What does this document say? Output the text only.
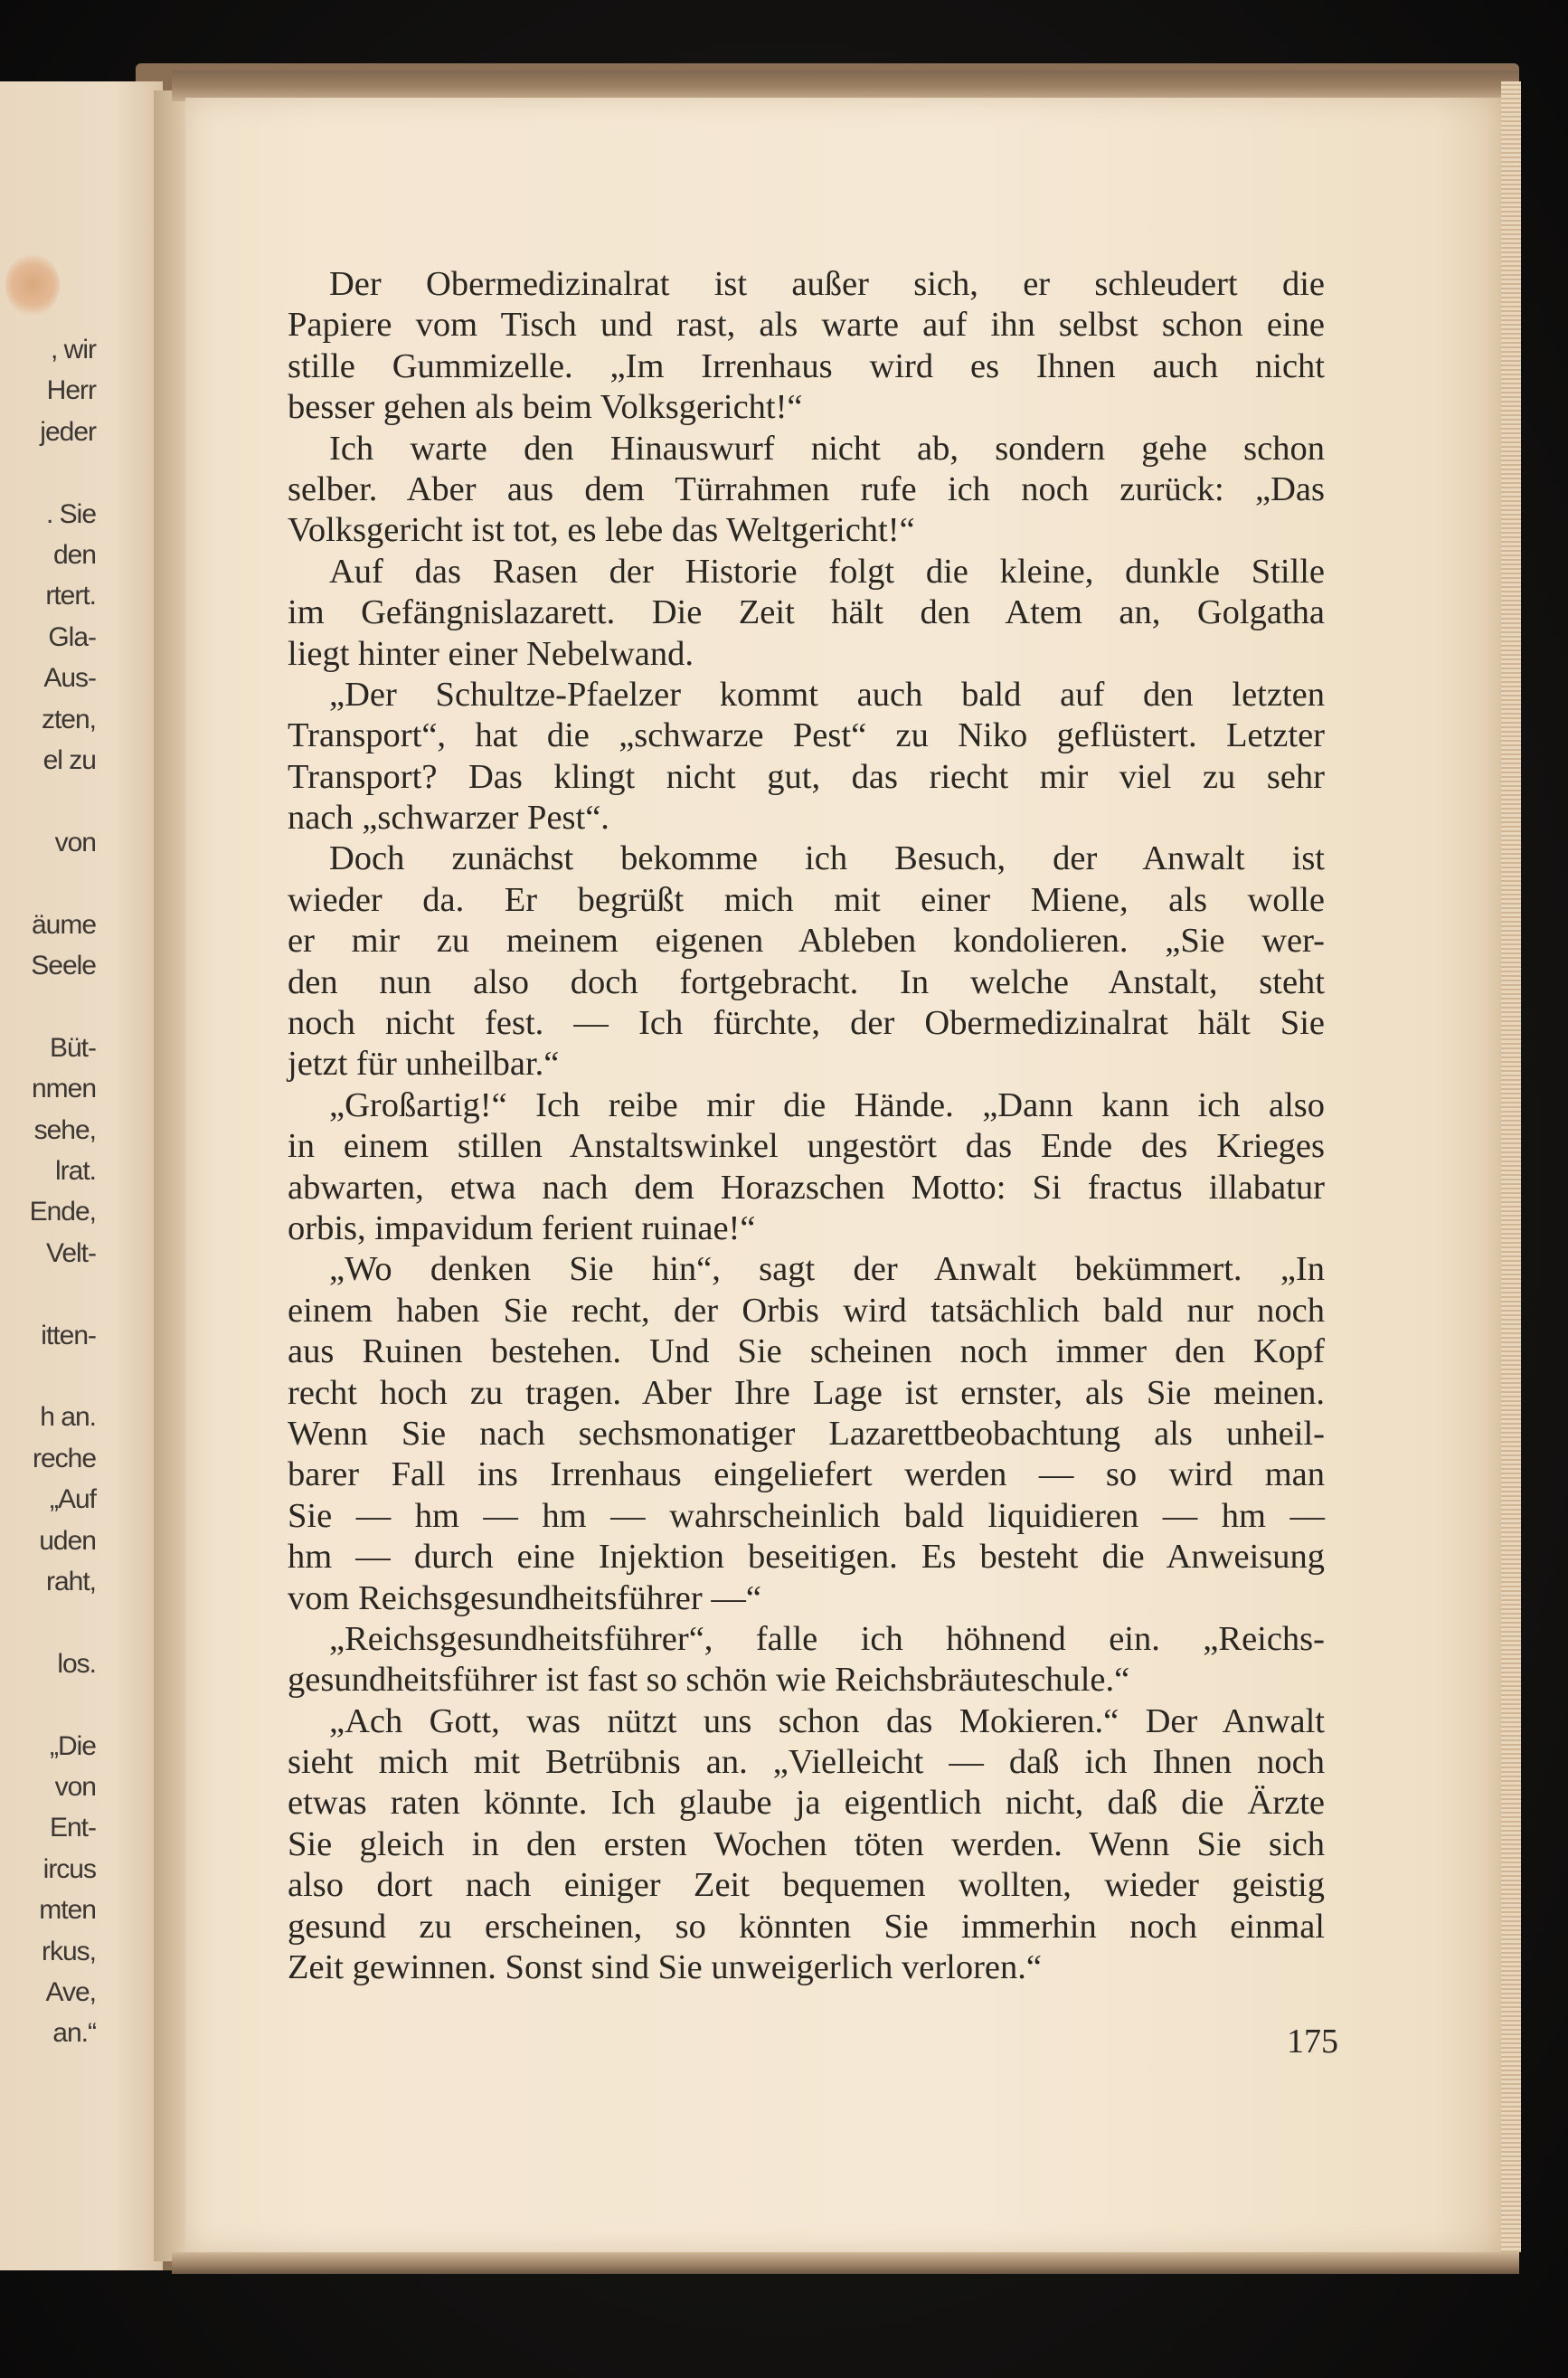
, wir
Herr
jeder
. Sie
den
rtert.
Gla-
Aus-
zten,
el zu
von
äume
Seele
Büt-
nmen
sehe,
lrat.
Ende,
Velt-
itten-
h an.
reche
„Auf
uden
raht,
los.
„Die
von
Ent-
ircus
mten
rkus,
Ave,
an.“
Der Obermedizinalrat ist außer sich, er schleudert die
Papiere vom Tisch und rast, als warte auf ihn selbst schon eine
stille Gummizelle. „Im Irrenhaus wird es Ihnen auch nicht
besser gehen als beim Volksgericht!“
Ich warte den Hinauswurf nicht ab, sondern gehe schon
selber. Aber aus dem Türrahmen rufe ich noch zurück: „Das
Volksgericht ist tot, es lebe das Weltgericht!“
Auf das Rasen der Historie folgt die kleine, dunkle Stille
im Gefängnislazarett. Die Zeit hält den Atem an, Golgatha
liegt hinter einer Nebelwand.
„Der Schultze-Pfaelzer kommt auch bald auf den letzten
Transport“, hat die „schwarze Pest“ zu Niko geflüstert. Letzter
Transport? Das klingt nicht gut, das riecht mir viel zu sehr
nach „schwarzer Pest“.
Doch zunächst bekomme ich Besuch, der Anwalt ist
wieder da. Er begrüßt mich mit einer Miene, als wolle
er mir zu meinem eigenen Ableben kondolieren. „Sie wer-
den nun also doch fortgebracht. In welche Anstalt, steht
noch nicht fest. — Ich fürchte, der Obermedizinalrat hält Sie
jetzt für unheilbar.“
„Großartig!“ Ich reibe mir die Hände. „Dann kann ich also
in einem stillen Anstaltswinkel ungestört das Ende des Krieges
abwarten, etwa nach dem Horazschen Motto: Si fractus illabatur
orbis, impavidum ferient ruinae!“
„Wo denken Sie hin“, sagt der Anwalt bekümmert. „In
einem haben Sie recht, der Orbis wird tatsächlich bald nur noch
aus Ruinen bestehen. Und Sie scheinen noch immer den Kopf
recht hoch zu tragen. Aber Ihre Lage ist ernster, als Sie meinen.
Wenn Sie nach sechsmonatiger Lazarettbeobachtung als unheil-
barer Fall ins Irrenhaus eingeliefert werden — so wird man
Sie — hm — hm — wahrscheinlich bald liquidieren — hm —
hm — durch eine Injektion beseitigen. Es besteht die Anweisung
vom Reichsgesundheitsführer —“
„Reichsgesundheitsführer“, falle ich höhnend ein. „Reichs-
gesundheitsführer ist fast so schön wie Reichsbräuteschule.“
„Ach Gott, was nützt uns schon das Mokieren.“ Der Anwalt
sieht mich mit Betrübnis an. „Vielleicht — daß ich Ihnen noch
etwas raten könnte. Ich glaube ja eigentlich nicht, daß die Ärzte
Sie gleich in den ersten Wochen töten werden. Wenn Sie sich
also dort nach einiger Zeit bequemen wollten, wieder geistig
gesund zu erscheinen, so könnten Sie immerhin noch einmal
Zeit gewinnen. Sonst sind Sie unweigerlich verloren.“
175
